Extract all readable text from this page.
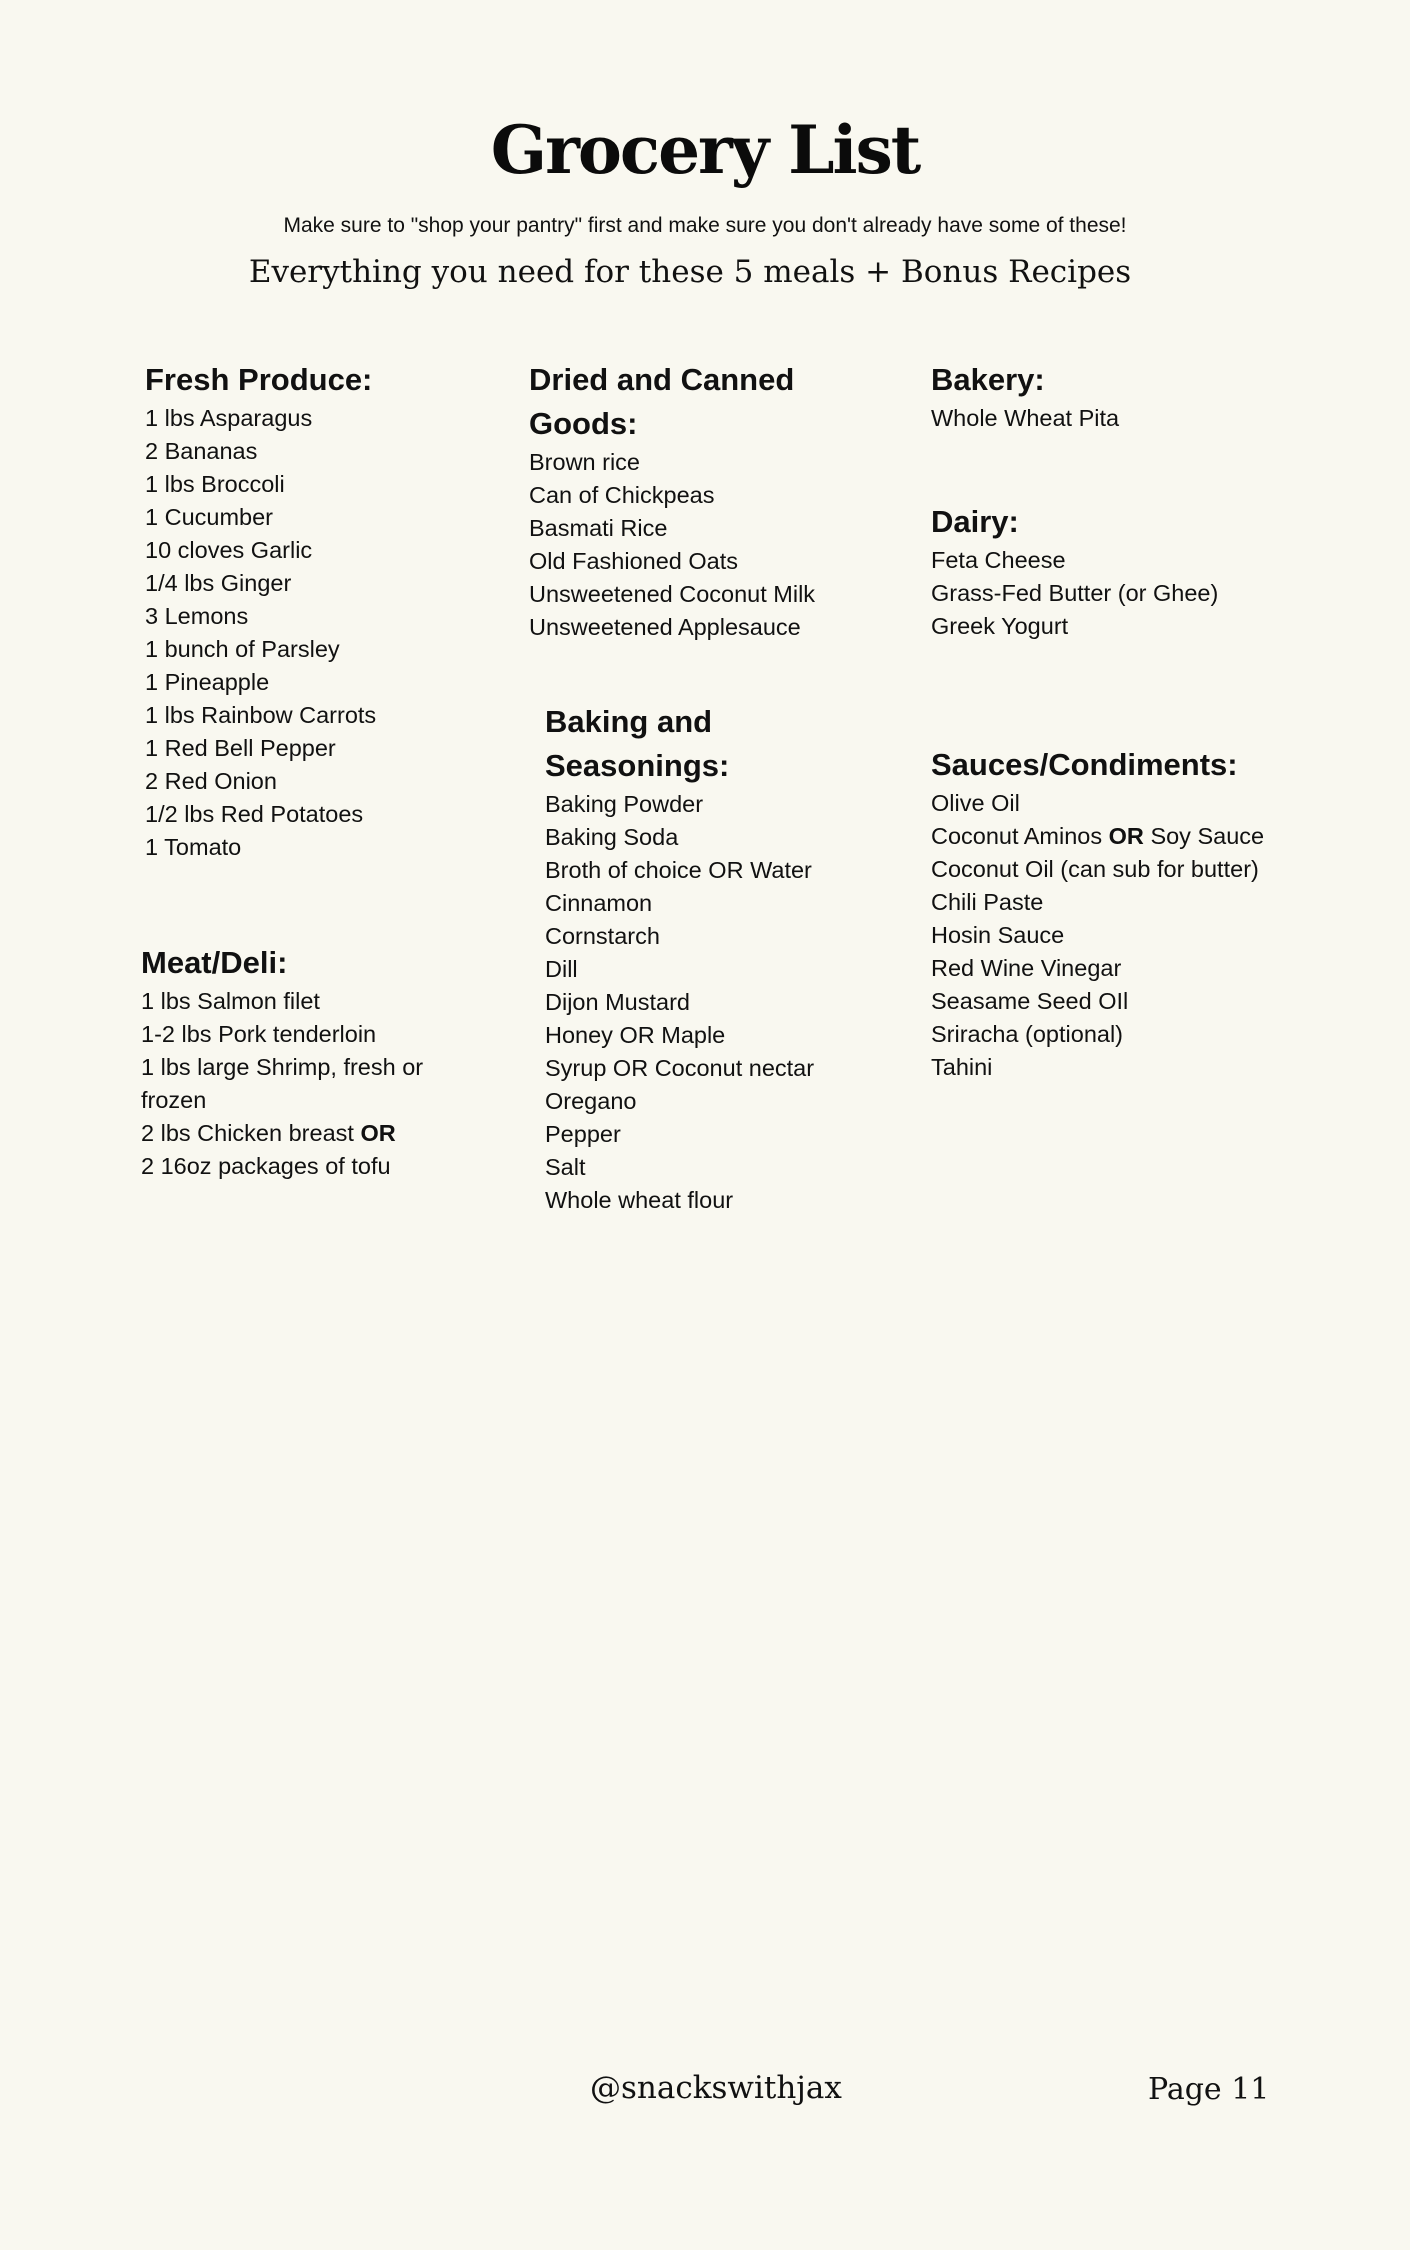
Grocery List

Make sure to "shop your pantry" first and make sure you don't already have some of these!

Everything you need for these 5 meals + Bonus Recipes

Fresh Produce:
1 lbs Asparagus
2 Bananas
1 lbs Broccoli
1 Cucumber
10 cloves Garlic
1/4 lbs Ginger
3 Lemons
1 bunch of Parsley
1 Pineapple
1 lbs Rainbow Carrots
1 Red Bell Pepper
2 Red Onion
1/2 lbs Red Potatoes
1 Tomato
Meat/Deli:
1 lbs Salmon filet
1-2 lbs Pork tenderloin
1 lbs large Shrimp, fresh or frozen
2 lbs Chicken breast OR
2 16oz packages of tofu
Dried and Canned Goods:
Brown rice
Can of Chickpeas
Basmati Rice
Old Fashioned Oats
Unsweetened Coconut Milk
Unsweetened Applesauce
Baking and Seasonings:
Baking Powder
Baking Soda
Broth of choice OR Water
Cinnamon
Cornstarch
Dill
Dijon Mustard
Honey OR Maple
Syrup OR Coconut nectar
Oregano
Pepper
Salt
Whole wheat flour
Bakery:
Whole Wheat Pita
Dairy:
Feta Cheese
Grass-Fed Butter (or Ghee)
Greek Yogurt
Sauces/Condiments:
Olive Oil
Coconut Aminos OR Soy Sauce
Coconut Oil (can sub for butter)
Chili Paste
Hosin Sauce
Red Wine Vinegar
Seasame Seed OIl
Sriracha (optional)
Tahini

@snackswithjax	Page 11
